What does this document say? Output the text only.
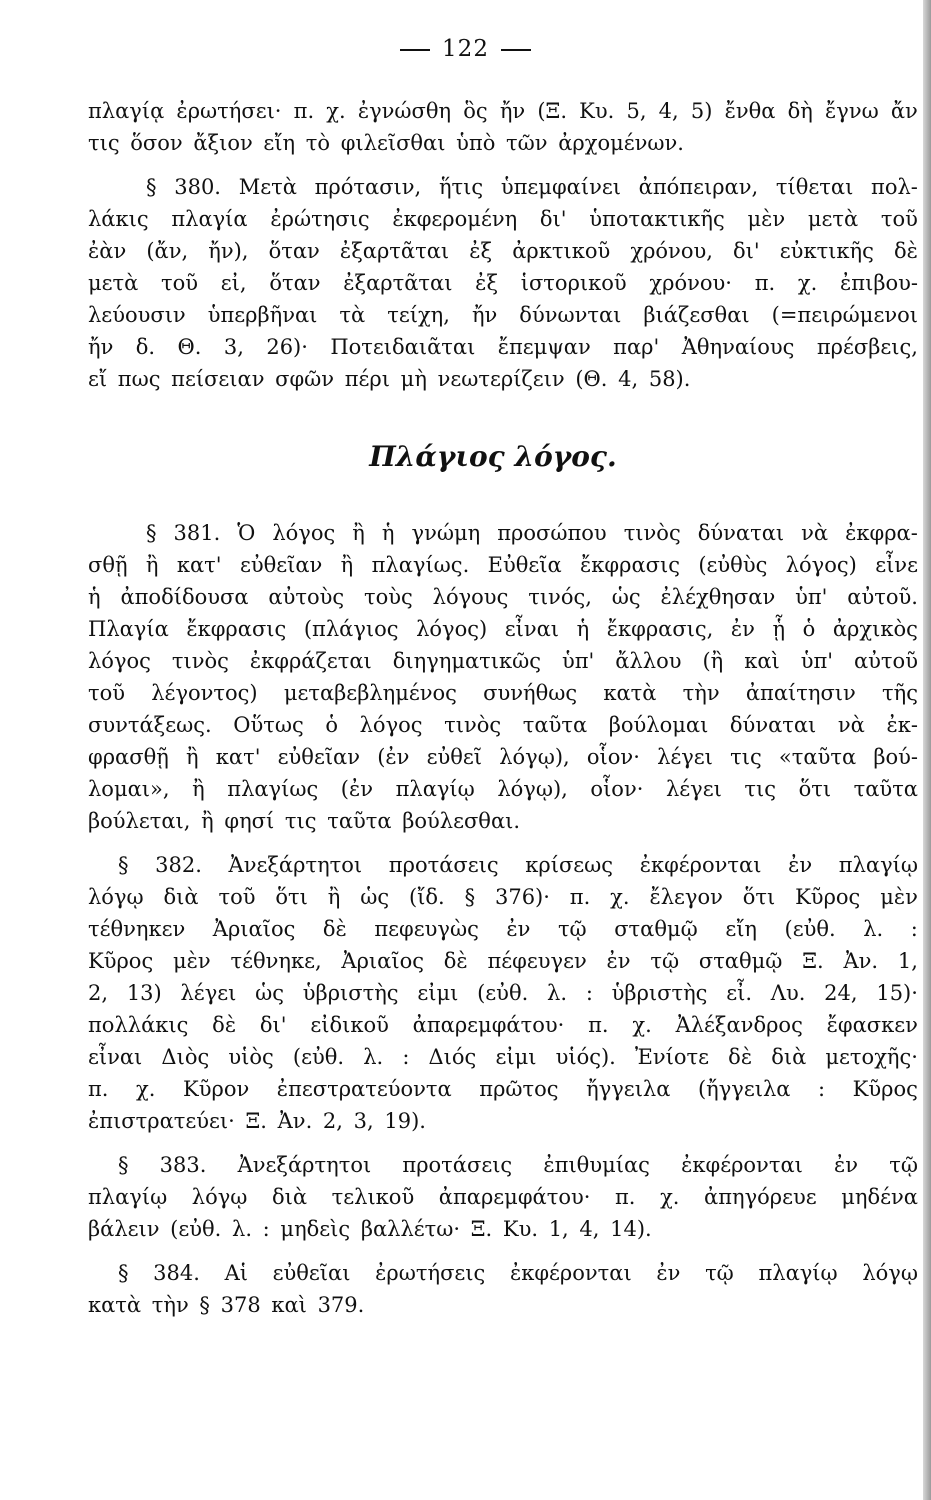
122
πλαγίᾳ ἐρωτήσει· π. χ. ἐγνώσθη ὃς ἤν (Ξ. Κυ. 5, 4, 5) ἔνθα δὴ ἔγνω ἄν
τις ὅσον ἄξιον εἴη τὸ φιλεῖσθαι ὑπὸ τῶν ἀρχομένων.
§ 380. Μετὰ πρότασιν, ἥτις ὑπεμφαίνει ἀπόπειραν, τίθεται πολ-
λάκις πλαγία ἐρώτησις ἐκφερομένη δι' ὑποτακτικῆς μὲν μετὰ τοῦ
ἐὰν (ἄν, ἤν), ὅταν ἐξαρτᾶται ἐξ ἀρκτικοῦ χρόνου, δι' εὐκτικῆς δὲ
μετὰ τοῦ εἰ, ὅταν ἐξαρτᾶται ἐξ ἱστορικοῦ χρόνου· π. χ. ἐπιβου-
λεύουσιν ὑπερβῆναι τὰ τείχη, ἤν δύνωνται βιάζεσθαι (=πειρώμενοι
ἤν δ. Θ. 3, 26)· Ποτειδαιᾶται ἔπεμψαν παρ' Ἀθηναίους πρέσβεις,
εἴ πως πείσειαν σφῶν πέρι μὴ νεωτερίζειν (Θ. 4, 58).
Πλάγιος λόγος.
§ 381. Ὁ λόγος ἢ ἡ γνώμη προσώπου τινὸς δύναται νὰ ἐκφρα-
σθῇ ἢ κατ' εὐθεῖαν ἢ πλαγίως. Εὐθεῖα ἔκφρασις (εὐθὺς λόγος) εἶνε
ἡ ἀποδίδουσα αὐτοὺς τοὺς λόγους τινός, ὡς ἐλέχθησαν ὑπ' αὐτοῦ.
Πλαγία ἔκφρασις (πλάγιος λόγος) εἶναι ἡ ἔκφρασις, ἐν ᾗ ὁ ἀρχικὸς
λόγος τινὸς ἐκφράζεται διηγηματικῶς ὑπ' ἄλλου (ἢ καὶ ὑπ' αὐτοῦ
τοῦ λέγοντος) μεταβεβλημένος συνήθως κατὰ τὴν ἀπαίτησιν τῆς
συντάξεως. Οὕτως ὁ λόγος τινὸς ταῦτα βούλομαι δύναται νὰ ἐκ-
φρασθῇ ἢ κατ' εὐθεῖαν (ἐν εὐθεῖ λόγῳ), οἷον· λέγει τις «ταῦτα βού-
λομαι», ἢ πλαγίως (ἐν πλαγίῳ λόγῳ), οἷον· λέγει τις ὅτι ταῦτα
βούλεται, ἢ φησί τις ταῦτα βούλεσθαι.
§ 382. Ἀνεξάρτητοι προτάσεις κρίσεως ἐκφέρονται ἐν πλαγίῳ
λόγῳ διὰ τοῦ ὅτι ἢ ὡς (ἴδ. § 376)· π. χ. ἔλεγον ὅτι Κῦρος μὲν
τέθνηκεν Ἀριαῖος δὲ πεφευγὼς ἐν τῷ σταθμῷ εἴη (εὐθ. λ. :
Κῦρος μὲν τέθνηκε, Ἀριαῖος δὲ πέφευγεν ἐν τῷ σταθμῷ Ξ. Ἀν. 1,
2, 13) λέγει ὡς ὑβριστὴς εἰμι (εὐθ. λ. : ὑβριστὴς εἶ. Λυ. 24, 15)·
πολλάκις δὲ δι' εἰδικοῦ ἀπαρεμφάτου· π. χ. Ἀλέξανδρος ἔφασκεν
εἶναι Διὸς υἱὸς (εὐθ. λ. : Διός εἰμι υἱός). Ἐνίοτε δὲ διὰ μετοχῆς·
π. χ. Κῦρον ἐπεστρατεύοντα πρῶτος ἤγγειλα (ἤγγειλα : Κῦρος
ἐπιστρατεύει· Ξ. Ἀν. 2, 3, 19).
§ 383. Ἀνεξάρτητοι προτάσεις ἐπιθυμίας ἐκφέρονται ἐν τῷ
πλαγίῳ λόγῳ διὰ τελικοῦ ἀπαρεμφάτου· π. χ. ἀπηγόρευε μηδένα
βάλειν (εὐθ. λ. : μηδεὶς βαλλέτω· Ξ. Κυ. 1, 4, 14).
§ 384. Αἱ εὐθεῖαι ἐρωτήσεις ἐκφέρονται ἐν τῷ πλαγίῳ λόγῳ
κατὰ τὴν § 378 καὶ 379.
